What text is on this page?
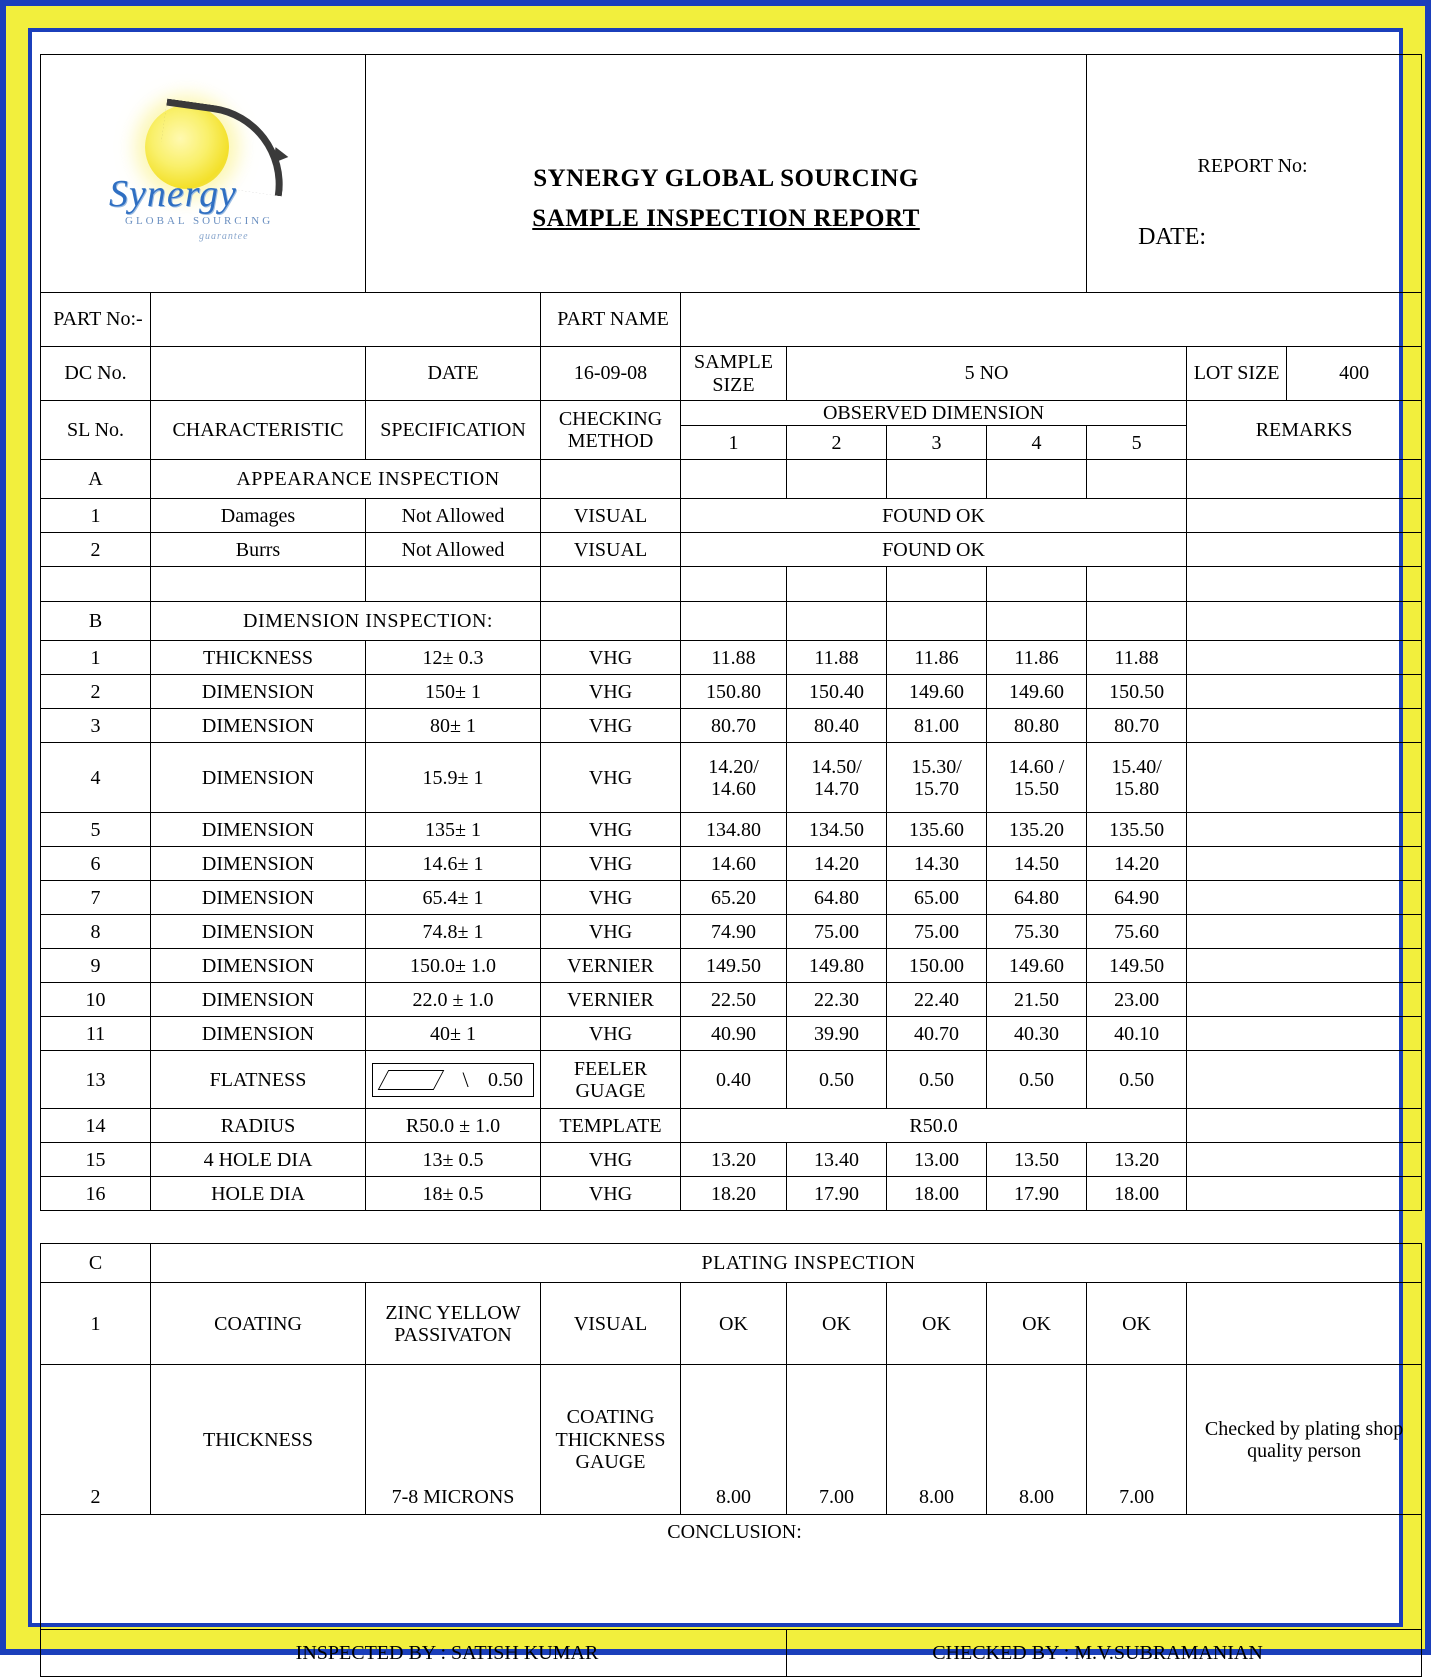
Synergy
GLOBAL SOURCING
guarantee

SYNERGY GLOBAL SOURCING
SAMPLE INSPECTION REPORT

REPORT No:
DATE:

PART No:-			PART NAME							
DC No.		DATE	16-09-08	SAMPLE SIZE	5 NO				LOT SIZE	400
SL No.	CHARACTERISTIC	SPECIFICATION	CHECKING METHOD	OBSERVED DIMENSION					REMARKS	
				1	2	3	4	5		
A	APPEARANCE INSPECTION									
1	Damages	Not Allowed	VISUAL	FOUND OK						
2	Burrs	Not Allowed	VISUAL	FOUND OK						

B	DIMENSION INSPECTION:									
1	THICKNESS	12± 0.3	VHG	11.88	11.88	11.86	11.86	11.88		
2	DIMENSION	150± 1	VHG	150.80	150.40	149.60	149.60	150.50		
3	DIMENSION	80± 1	VHG	80.70	80.40	81.00	80.80	80.70		
4	DIMENSION	15.9± 1	VHG	14.20/ 14.60	14.50/ 14.70	15.30/ 15.70	14.60 / 15.50	15.40/ 15.80		
5	DIMENSION	135± 1	VHG	134.80	134.50	135.60	135.20	135.50		
6	DIMENSION	14.6± 1	VHG	14.60	14.20	14.30	14.50	14.20		
7	DIMENSION	65.4± 1	VHG	65.20	64.80	65.00	64.80	64.90		
8	DIMENSION	74.8± 1	VHG	74.90	75.00	75.00	75.30	75.60		
9	DIMENSION	150.0± 1.0	VERNIER	149.50	149.80	150.00	149.60	149.50		
10	DIMENSION	22.0 ± 1.0	VERNIER	22.50	22.30	22.40	21.50	23.00		
11	DIMENSION	40± 1	VHG	40.90	39.90	40.70	40.30	40.10		
13	FLATNESS	\ 0.50	FEELER GUAGE	0.40	0.50	0.50	0.50	0.50		
14	RADIUS	R50.0 ± 1.0	TEMPLATE	R50.0						
15	4 HOLE DIA	13± 0.5	VHG	13.20	13.40	13.00	13.50	13.20		
16	HOLE DIA	18± 0.5	VHG	18.20	17.90	18.00	17.90	18.00		

C	PLATING INSPECTION									
1	COATING	ZINC YELLOW PASSIVATON	VISUAL	OK	OK	OK	OK	OK		
2	THICKNESS	7-8 MICRONS	COATING THICKNESS GAUGE	8.00	7.00	8.00	8.00	7.00	Checked by plating shop quality person	
CONCLUSION:										

INSPECTED BY : SATISH KUMAR					CHECKED BY : M.V.SUBRAMANIAN					
